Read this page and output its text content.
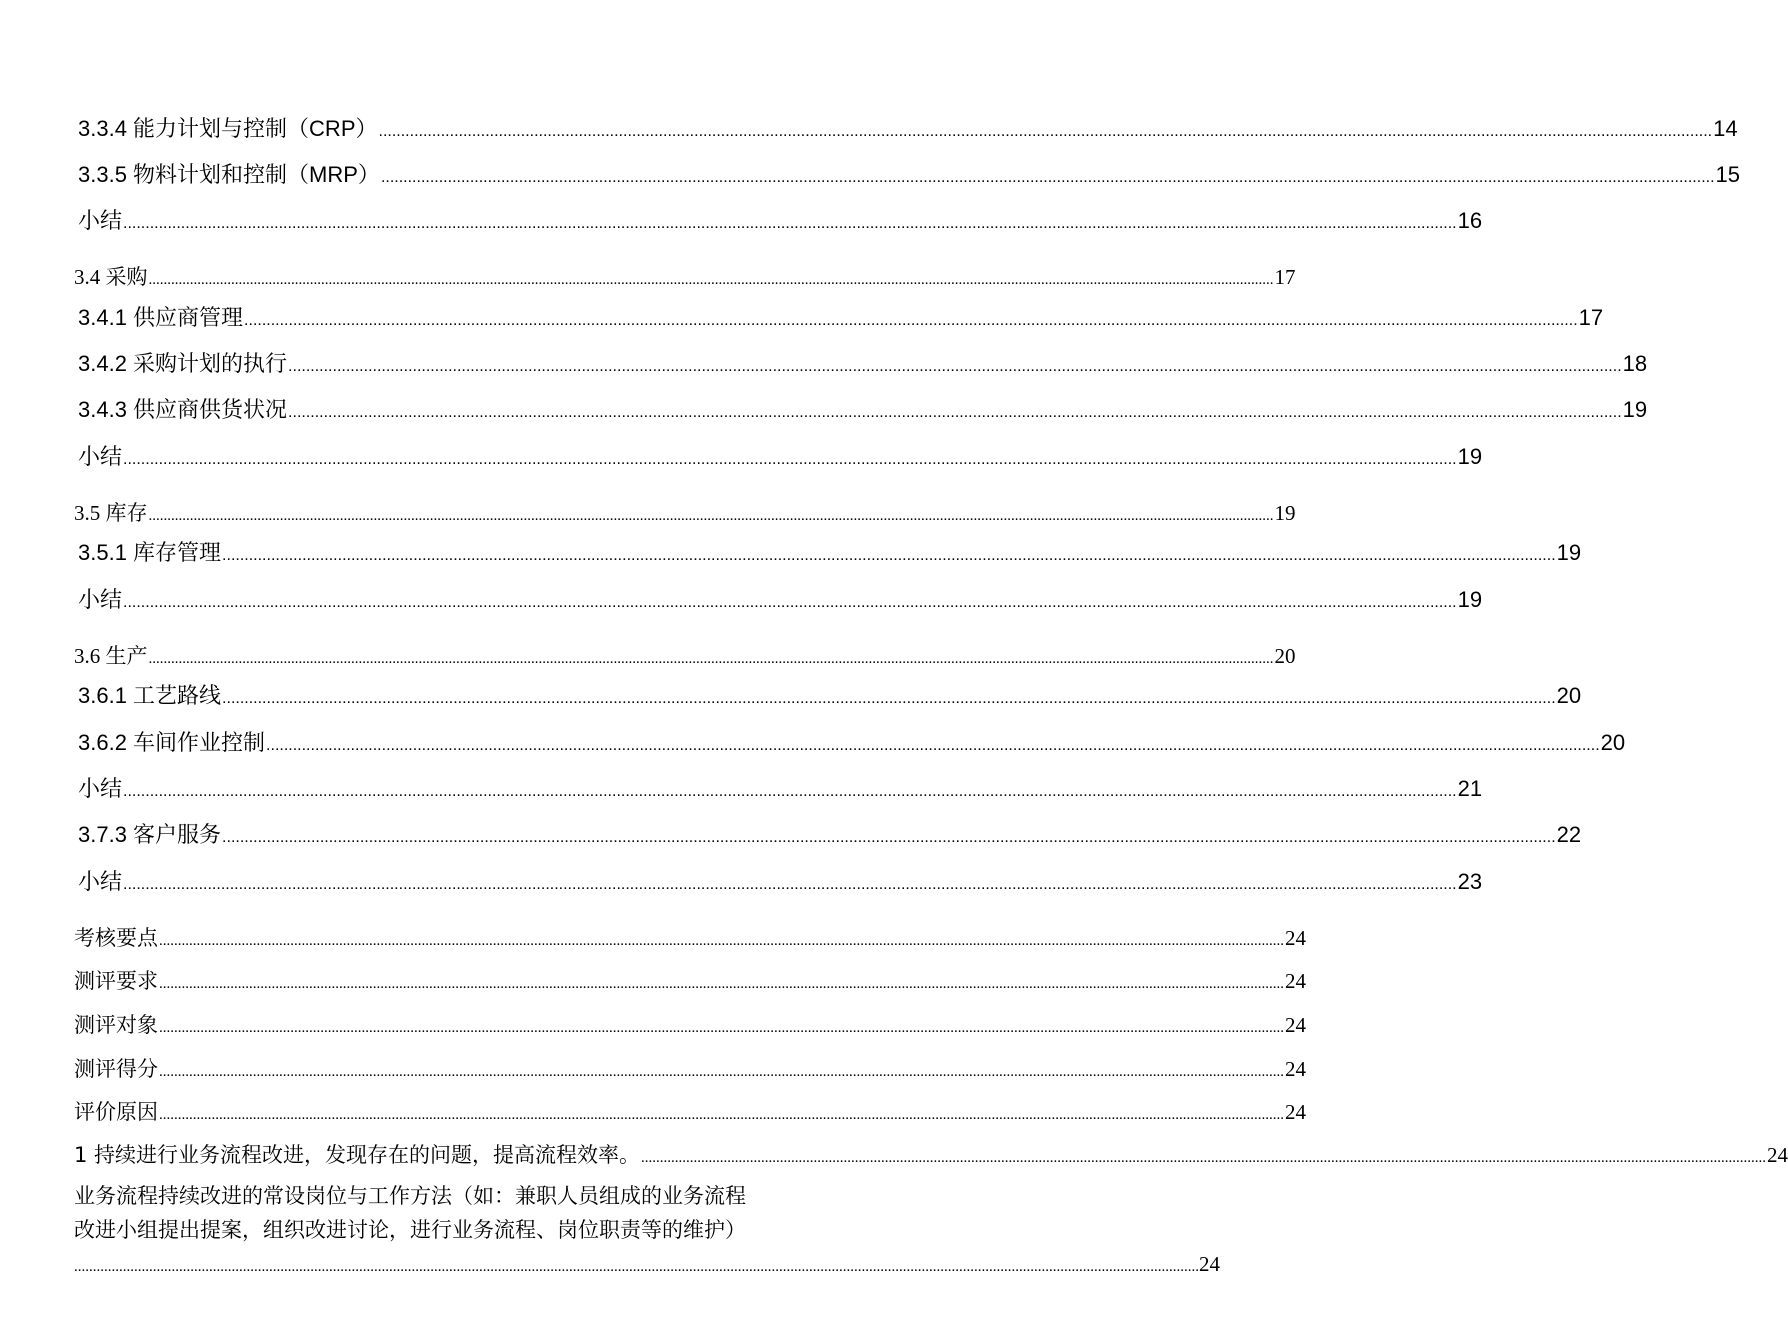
3.3.4 能力计划与控制（CRP） ............................................................................................................................................................................................................................................................................................................ 14
3.3.5 物料计划和控制（MRP） ............................................................................................................................................................................................................................................................................................................ 15
小结 ............................................................................................................................................................................................................................................................................................................ 16
3.4 采购 ............................................................................................................................................................................................................................................................................................................ 17
3.4.1 供应商管理 ............................................................................................................................................................................................................................................................................................................ 17
3.4.2 采购计划的执行 ............................................................................................................................................................................................................................................................................................................ 18
3.4.3 供应商供货状况 ............................................................................................................................................................................................................................................................................................................ 19
小结 ............................................................................................................................................................................................................................................................................................................ 19
3.5 库存 ............................................................................................................................................................................................................................................................................................................ 19
3.5.1 库存管理 ............................................................................................................................................................................................................................................................................................................ 19
小结 ............................................................................................................................................................................................................................................................................................................ 19
3.6 生产 ............................................................................................................................................................................................................................................................................................................ 20
3.6.1 工艺路线 ............................................................................................................................................................................................................................................................................................................ 20
3.6.2 车间作业控制 ............................................................................................................................................................................................................................................................................................................ 20
小结 ............................................................................................................................................................................................................................................................................................................ 21
3.7.3 客户服务 ............................................................................................................................................................................................................................................................................................................ 22
小结 ............................................................................................................................................................................................................................................................................................................ 23
考核要点 ............................................................................................................................................................................................................................................................................................................ 24
测评要求 ............................................................................................................................................................................................................................................................................................................ 24
测评对象 ............................................................................................................................................................................................................................................................................................................ 24
测评得分 ............................................................................................................................................................................................................................................................................................................ 24
评价原因 ............................................................................................................................................................................................................................................................................................................ 24
1 持续进行业务流程改进，发现存在的问题，提高流程效率。 ............................................................................................................................................................................................................................................................................................................ 24
业务流程持续改进的常设岗位与工作方法（如：兼职人员组成的业务流程
改进小组提出提案，组织改进讨论，进行业务流程、岗位职责等的维护）
............................................................................................................................................................................................................................................................................................................ 24
